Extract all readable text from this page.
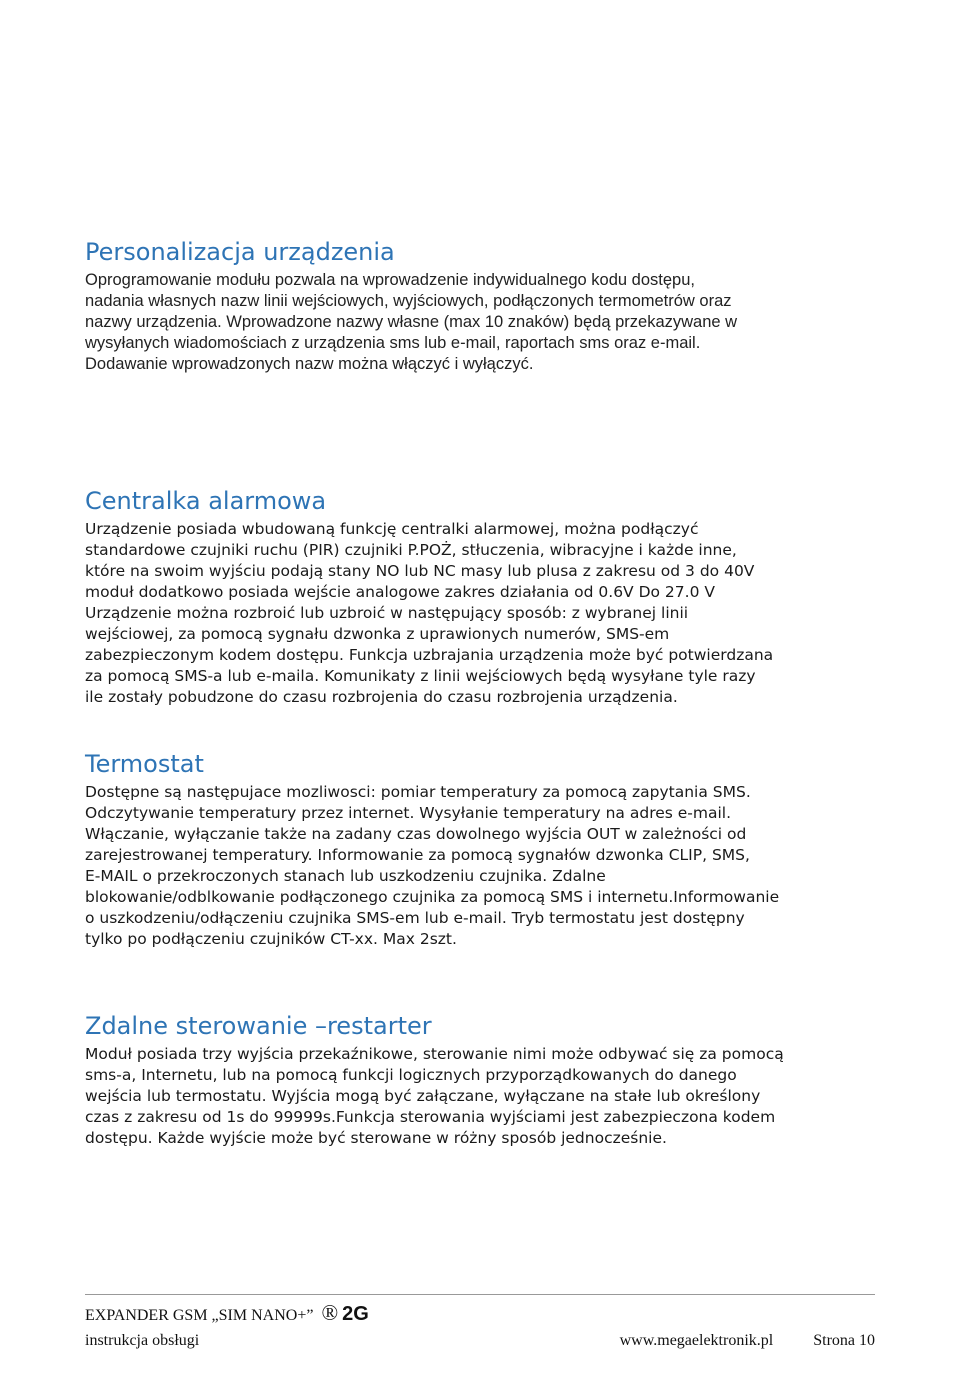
Personalizacja urządzenia

Oprogramowanie modułu pozwala na wprowadzenie indywidualnego kodu dostępu,
nadania własnych nazw linii wejściowych, wyjściowych, podłączonych termometrów oraz
nazwy urządzenia. Wprowadzone nazwy własne (max 10 znaków) będą przekazywane w
wysyłanych wiadomościach z urządzenia sms lub e-mail, raportach sms oraz e-mail.
Dodawanie wprowadzonych nazw można włączyć i wyłączyć.

Centralka alarmowa

Urządzenie posiada wbudowaną funkcję centralki alarmowej, można podłączyć
standardowe czujniki ruchu (PIR) czujniki P.POŻ, stłuczenia, wibracyjne i każde inne,
które na swoim wyjściu podają stany NO lub NC masy lub plusa z zakresu od 3 do 40V
moduł dodatkowo posiada wejście analogowe zakres działania od 0.6V Do 27.0 V
Urządzenie można rozbroić lub uzbroić w następujący sposób: z wybranej linii
wejściowej, za pomocą sygnału dzwonka z uprawionych numerów, SMS-em
zabezpieczonym kodem dostępu. Funkcja uzbrajania urządzenia może być potwierdzana
za pomocą SMS-a lub e-maila. Komunikaty z linii wejściowych będą wysyłane tyle razy
ile zostały pobudzone do czasu rozbrojenia do czasu rozbrojenia urządzenia.

Termostat

Dostępne są następujace mozliwosci: pomiar temperatury za pomocą zapytania SMS.
Odczytywanie temperatury przez internet. Wysyłanie temperatury na adres e-mail.
Włączanie, wyłączanie także na zadany czas dowolnego wyjścia OUT w zależności od
zarejestrowanej temperatury. Informowanie za pomocą sygnałów dzwonka CLIP, SMS,
E-MAIL o przekroczonych stanach lub uszkodzeniu czujnika. Zdalne
blokowanie/odblkowanie podłączonego czujnika za pomocą SMS i internetu.Informowanie
o uszkodzeniu/odłączeniu czujnika SMS-em lub e-mail. Tryb termostatu jest dostępny
tylko po podłączeniu czujników CT-xx. Max 2szt.

Zdalne sterowanie –restarter

Moduł posiada trzy wyjścia przekaźnikowe, sterowanie nimi może odbywać się za pomocą
sms-a, Internetu, lub na pomocą funkcji logicznych przyporządkowanych do danego
wejścia lub termostatu. Wyjścia mogą być załączane, wyłączane na stałe lub określony
czas z zakresu od 1s do 99999s.Funkcja sterowania wyjściami jest zabezpieczona kodem
dostępu. Każde wyjście może być sterowane w różny sposób jednocześnie.

EXPANDER GSM „SIM NANO+” ® 2G
instrukcja obsługi	www.megaelektronik.pl	Strona 10
